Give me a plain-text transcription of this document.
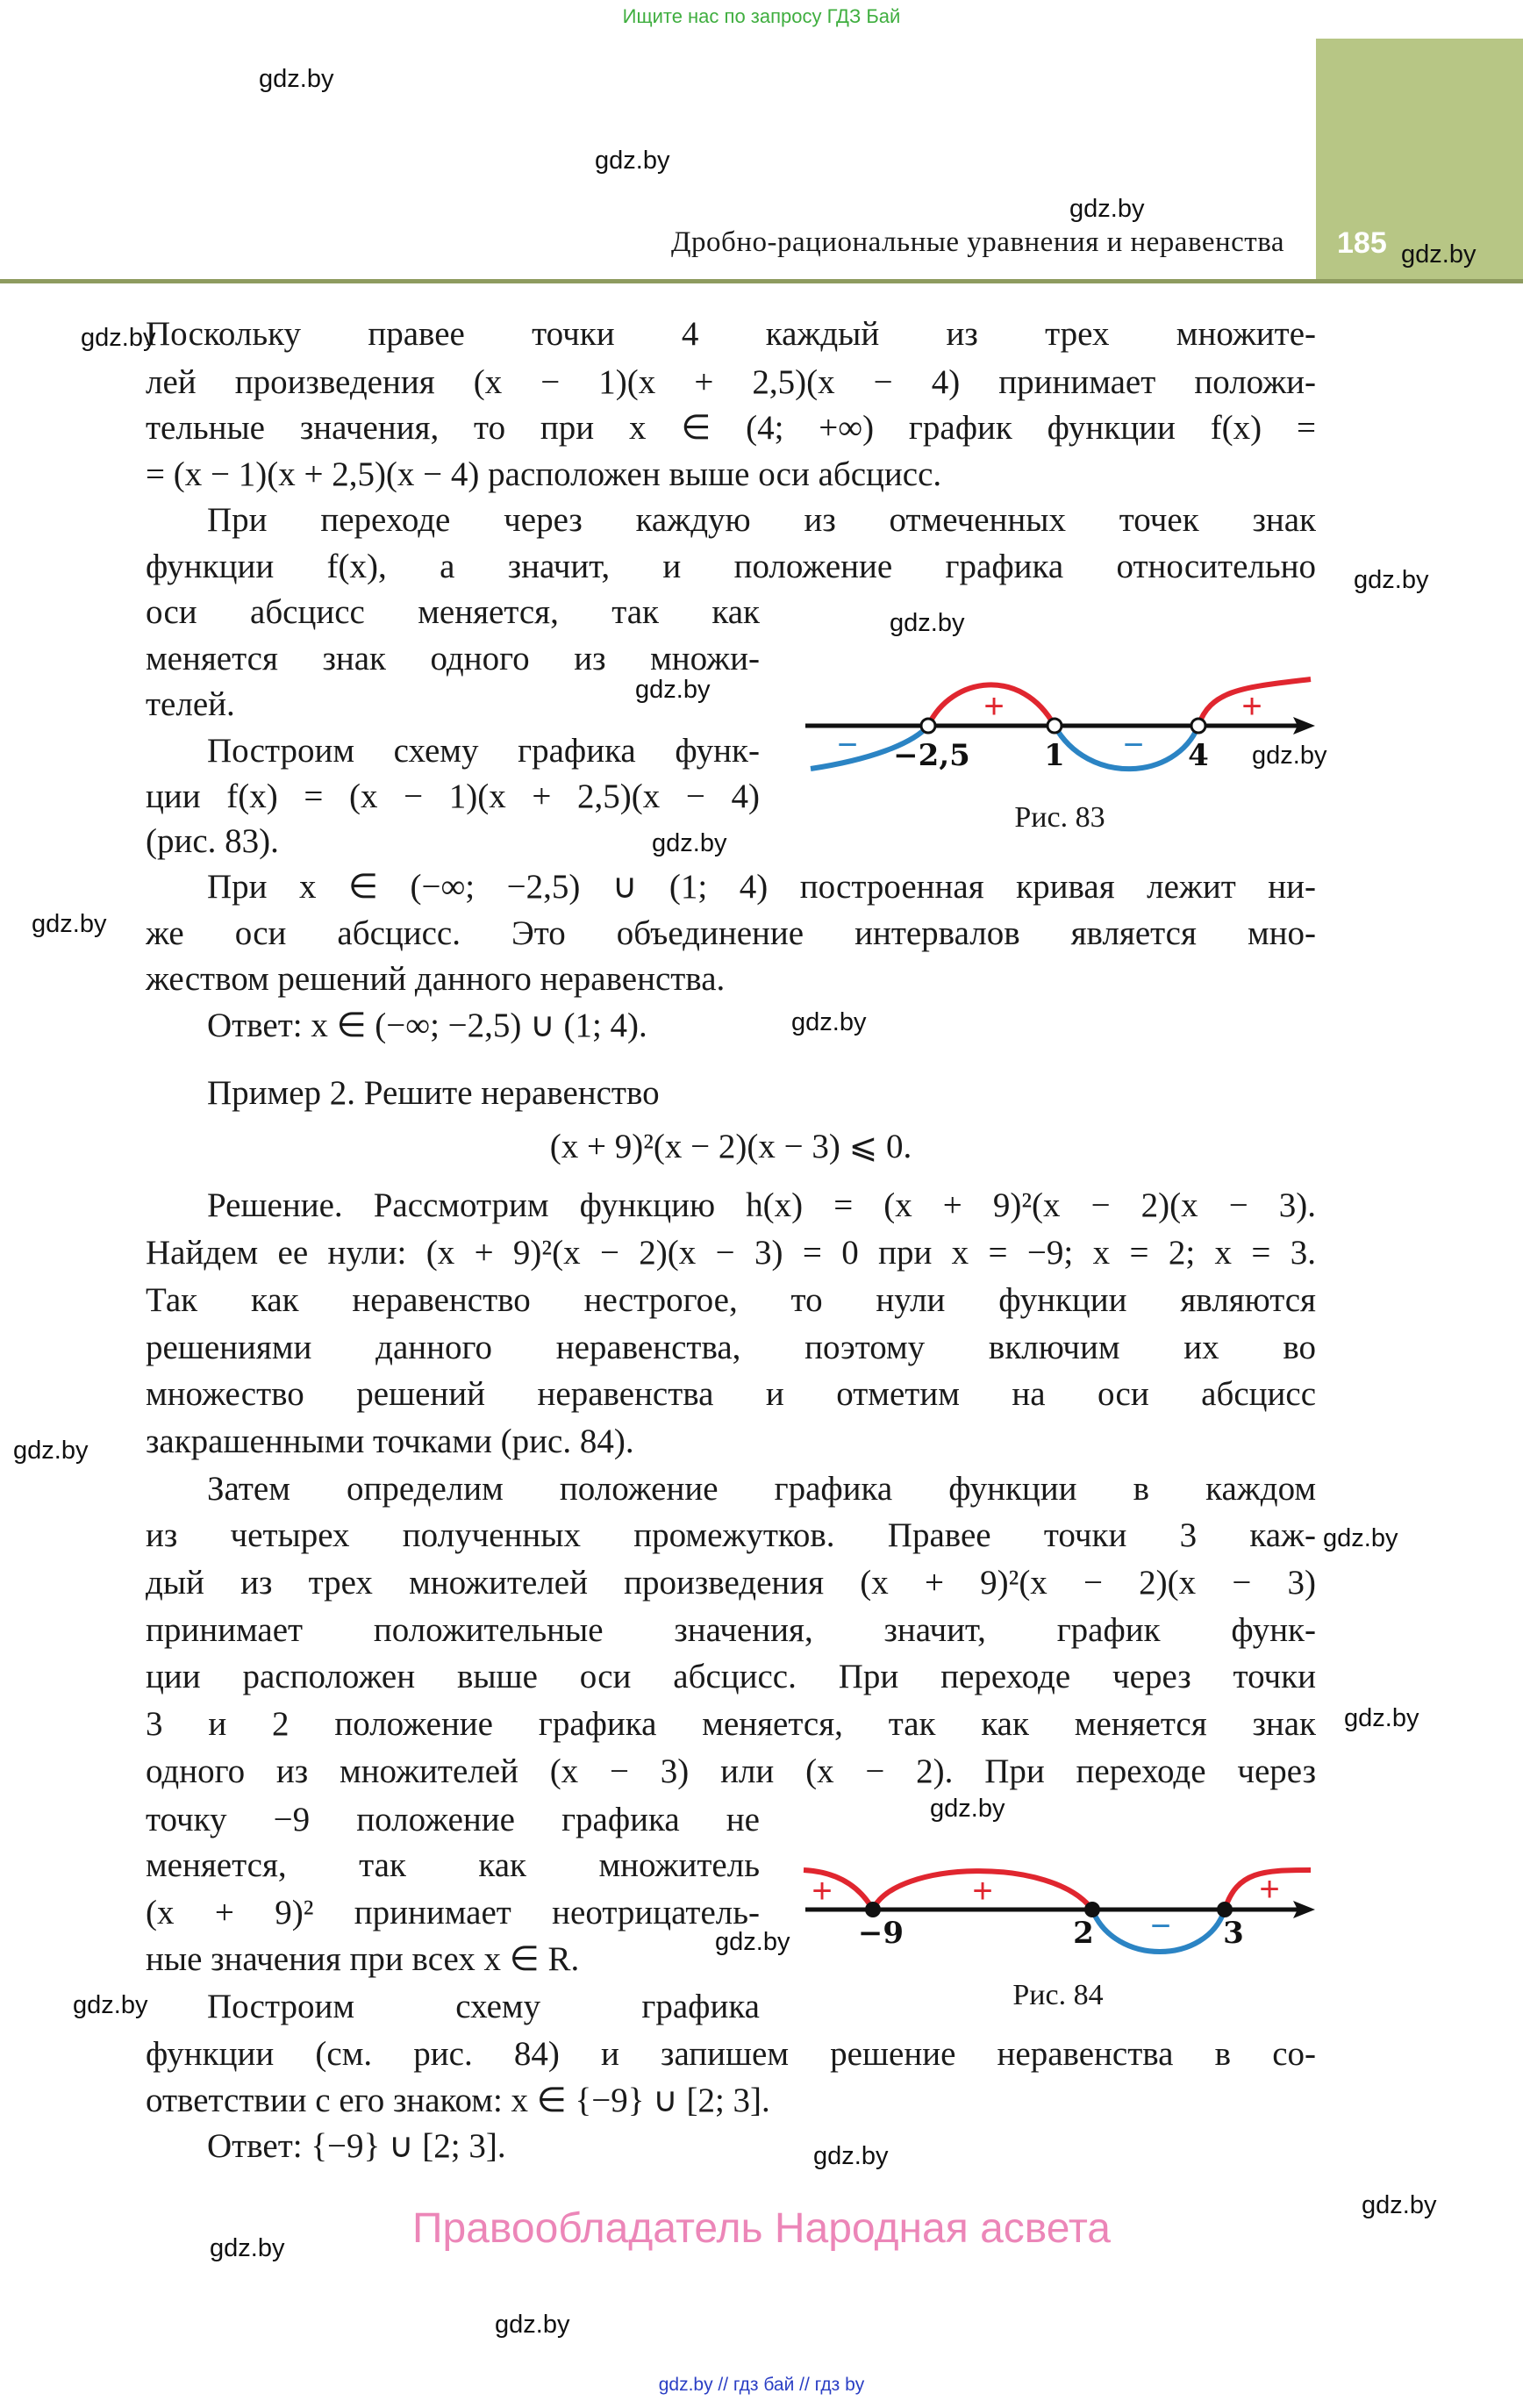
Ищите нас по запросу ГДЗ Бай
Дробно-рациональные уравнения и неравенства 185
Поскольку правее точки 4 каждый из трех множите-
лей произведения (x − 1)(x + 2,5)(x − 4) принимает положи-
тельные значения, то при x ∈ (4; +∞) график функции f(x) =
= (x − 1)(x + 2,5)(x − 4) расположен выше оси абсцисс.
При переходе через каждую из отмеченных точек знак
функции f(x), а значит, и положение графика относительно
оси абсцисс меняется, так как
меняется знак одного из множи-
телей.
Построим схему графика функ-
ции f(x) = (x − 1)(x + 2,5)(x − 4)
(рис. 83).
При x ∈ (−∞; −2,5) ∪ (1; 4) построенная кривая лежит ни-
же оси абсцисс. Это объединение интервалов является мно-
жеством решений данного неравенства.
Ответ: x ∈ (−∞; −2,5) ∪ (1; 4).
Пример 2. Решите неравенство
(x + 9)²(x − 2)(x − 3) ⩽ 0.
Решение. Рассмотрим функцию h(x) = (x + 9)²(x − 2)(x − 3).
Найдем ее нули: (x + 9)²(x − 2)(x − 3) = 0 при x = −9; x = 2; x = 3.
Так как неравенство нестрогое, то нули функции являются
решениями данного неравенства, поэтому включим их во
множество решений неравенства и отметим на оси абсцисс
закрашенными точками (рис. 84).
Затем определим положение графика функции в каждом
из четырех полученных промежутков. Правее точки 3 каж-
дый из трех множителей произведения (x + 9)²(x − 2)(x − 3)
принимает положительные значения, значит, график функ-
ции расположен выше оси абсцисс. При переходе через точки
3 и 2 положение графика меняется, так как меняется знак
одного из множителей (x − 3) или (x − 2). При переходе через
точку −9 положение графика не
меняется, так как множитель
(x + 9)² принимает неотрицатель-
ные значения при всех x ∈ R.
Построим схему графика
функции (см. рис. 84) и запишем решение неравенства в со-
ответствии с его знаком: x ∈ {−9} ∪ [2; 3].
Ответ: {−9} ∪ [2; 3].
gdz.by
gdz.by
gdz.by
gdz.by
gdz.by
gdz.by
gdz.by
gdz.by
gdz.by
gdz.by
gdz.by
gdz.by
gdz.by
gdz.by
gdz.by
gdz.by
gdz.by
gdz.by
gdz.by
gdz.by
gdz.by
gdz.by
−2,5 1	4
+	+
−	−
Рис. 83
−9	2	3
+	+	+
−
Рис. 84
Правообладатель Народная асвета
gdz.by // гдз бай // гдз by
